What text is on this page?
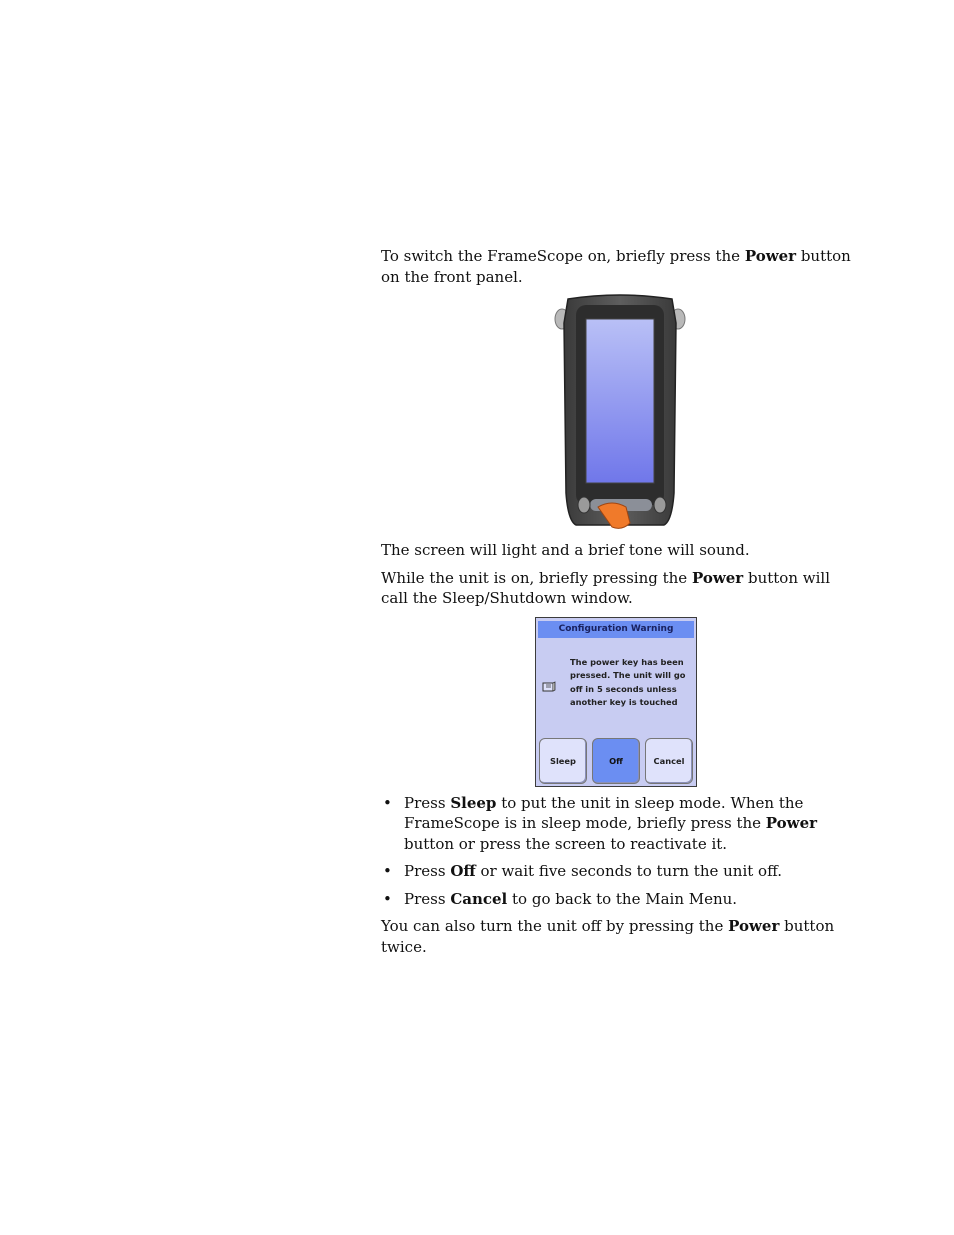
To switch the FrameScope on, briefly press the Power button on the front panel.

The screen will light and a brief tone will sound.

While the unit is on, briefly pressing the Power button will call the Sleep/Shutdown window.

Configuration Warning
The power key has been pressed. The unit will go off in 5 seconds unless another key is touched
Sleep	Off	Cancel
• Press Sleep to put the unit in sleep mode. When the FrameScope is in sleep mode, briefly press the Power button or press the screen to reactivate it.
• Press Off or wait five seconds to turn the unit off.
• Press Cancel to go back to the Main Menu.

You can also turn the unit off by pressing the Power button twice.
